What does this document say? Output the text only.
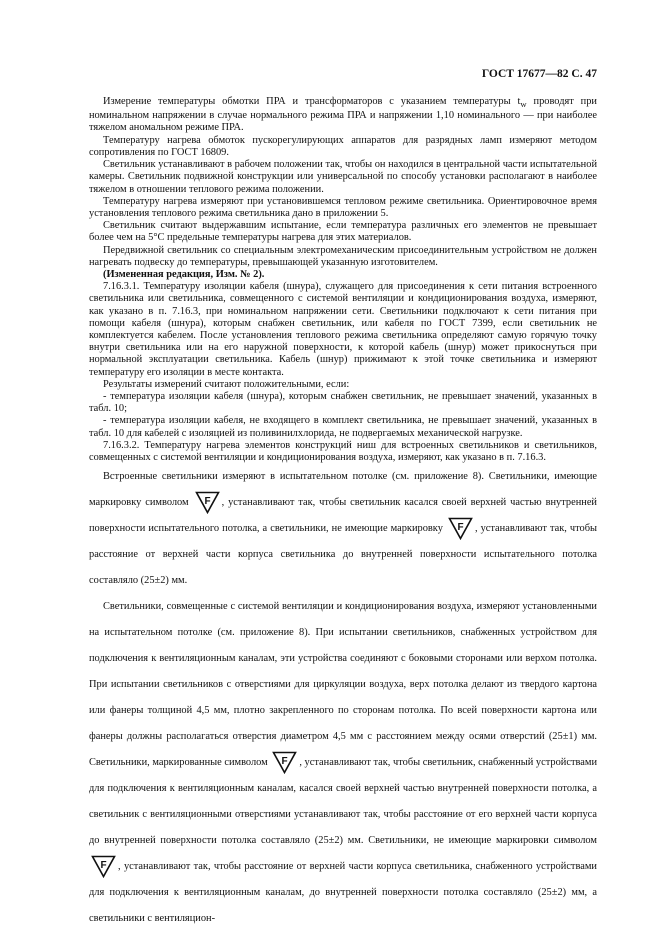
ГОСТ 17677—82 С. 47

Измерение температуры обмотки ПРА и трансформаторов с указанием температуры $t_w$ проводят при номинальном напряжении в случае нормального режима ПРА и напряжении 1,10 номинального — при наиболее тяжелом аномальном режиме ПРА.

Температуру нагрева обмоток пускорегулирующих аппаратов для разрядных ламп измеряют методом сопротивления по ГОСТ 16809.

Светильник устанавливают в рабочем положении так, чтобы он находился в центральной части испытательной камеры. Светильник подвижной конструкции или универсальной по способу установки располагают в наиболее тяжелом в отношении теплового режима положении.

Температуру нагрева измеряют при установившемся тепловом режиме светильника. Ориентировочное время установления теплового режима светильника дано в приложении 5.

Светильник считают выдержавшим испытание, если температура различных его элементов не превышает более чем на 5°С предельные температуры нагрева для этих материалов.

Передвижной светильник со специальным электромеханическим присоединительным устройством не должен нагревать подвеску до температуры, превышающей указанную изготовителем.

(Измененная редакция, Изм. № 2).

7.16.3.1. Температуру изоляции кабеля (шнура), служащего для присоединения к сети питания встроенного светильника или светильника, совмещенного с системой вентиляции и кондиционирования воздуха, измеряют, как указано в п. 7.16.3, при номинальном напряжении сети. Светильники подключают к сети питания при помощи кабеля (шнура), которым снабжен светильник, или кабеля по ГОСТ 7399, если светильник не комплектуется кабелем. После установления теплового режима светильника определяют самую горячую точку внутри светильника или на его наружной поверхности, к которой кабель (шнур) может прикоснуться при нормальной эксплуатации светильника. Кабель (шнур) прижимают к этой точке светильника и измеряют температуру его изоляции в месте контакта.

Результаты измерений считают положительными, если:

- температура изоляции кабеля (шнура), которым снабжен светильник, не превышает значений, указанных в табл. 10;

- температура изоляции кабеля, не входящего в комплект светильника, не превышает значений, указанных в табл. 10 для кабелей с изоляцией из поливинилхлорида, не подвергаемых механической нагрузке.

7.16.3.2. Температуру нагрева элементов конструкций ниш для встроенных светильников и светильников, совмещенных с системой вентиляции и кондиционирования воздуха, измеряют, как указано в п. 7.16.3.

Встроенные светильники измеряют в испытательном потолке (см. приложение 8). Светильники, имеющие маркировку символом F , устанавливают так, чтобы светильник касался своей верхней частью внутренней поверхности испытательного потолка, а светильники, не имеющие маркировку F , устанавливают так, чтобы расстояние от верхней части корпуса светильника до внутренней поверхности испытательного потолка составляло (25±2) мм.

Светильники, совмещенные с системой вентиляции и кондиционирования воздуха, измеряют установленными на испытательном потолке (см. приложение 8). При испытании светильников, снабженных устройством для подключения к вентиляционным каналам, эти устройства соединяют с боковыми сторонами или верхом потолка. При испытании светильников с отверстиями для циркуляции воздуха, верх потолка делают из твердого картона или фанеры толщиной 4,5 мм, плотно закрепленного по сторонам потолка. По всей поверхности картона или фанеры должны располагаться отверстия диаметром 4,5 мм с расстоянием между осями отверстий (25±1) мм. Светильники, маркированные символом F , устанавливают так, чтобы светильник, снабженный устройствами для подключения к вентиляционным каналам, касался своей верхней частью внутренней поверхности потолка, а светильник с вентиляционными отверстиями устанавливают так, чтобы расстояние от его верхней части корпуса до внутренней поверхности потолка составляло (25±2) мм. Светильники, не имеющие маркировки символом
F , устанавливают так, чтобы расстояние от верхней части корпуса светильника, снабженного устройствами для подключения к вентиляционным каналам, до внутренней поверхности потолка составляло (25±2) мм, а светильники с вентиляцион-
